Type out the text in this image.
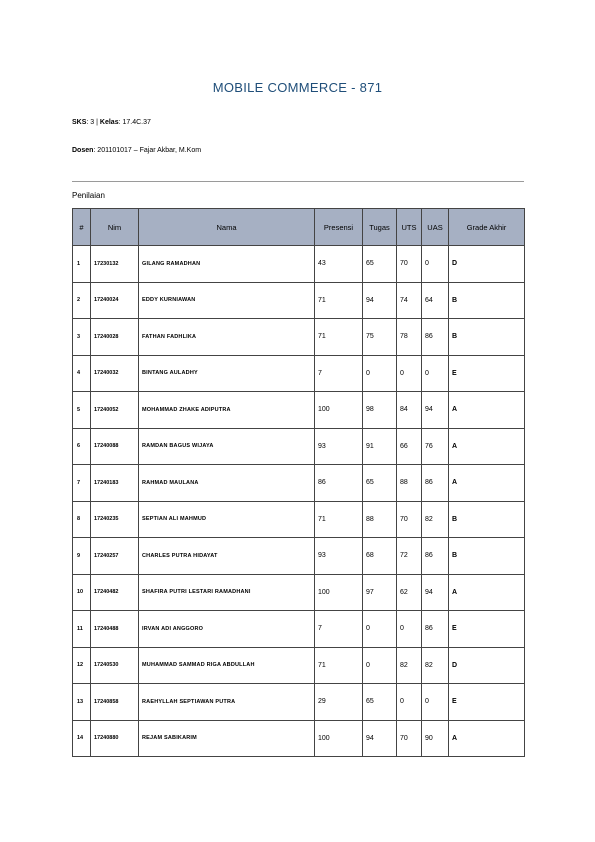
MOBILE COMMERCE - 871
SKS: 3 | Kelas: 17.4C.37
Dosen: 201101017 – Fajar Akbar, M.Kom
Penilaian
#	Nim	Nama	Presensi	Tugas	UTS	UAS	Grade Akhir
1	17230132	GILANG RAMADHAN	43	65	70	0	D
2	17240024	EDDY KURNIAWAN	71	94	74	64	B
3	17240028	FATHAN FADHLIKA	71	75	78	86	B
4	17240032	BINTANG AULADHY	7	0	0	0	E
5	17240052	MOHAMMAD ZHAKE ADIPUTRA	100	98	84	94	A
6	17240088	RAMDAN BAGUS WIJAYA	93	91	66	76	A
7	17240183	RAHMAD MAULANA	86	65	88	86	A
8	17240235	SEPTIAN ALI MAHMUD	71	88	70	82	B
9	17240257	CHARLES PUTRA HIDAYAT	93	68	72	86	B
10	17240482	SHAFIRA PUTRI LESTARI RAMADHANI	100	97	62	94	A
11	17240488	IRVAN ADI ANGGORO	7	0	0	86	E
12	17240530	MUHAMMAD SAMMAD RIGA ABDULLAH	71	0	82	82	D
13	17240858	RAEHYLLAH SEPTIAWAN PUTRA	29	65	0	0	E
14	17240880	REJAM SABIKARIM	100	94	70	90	A
